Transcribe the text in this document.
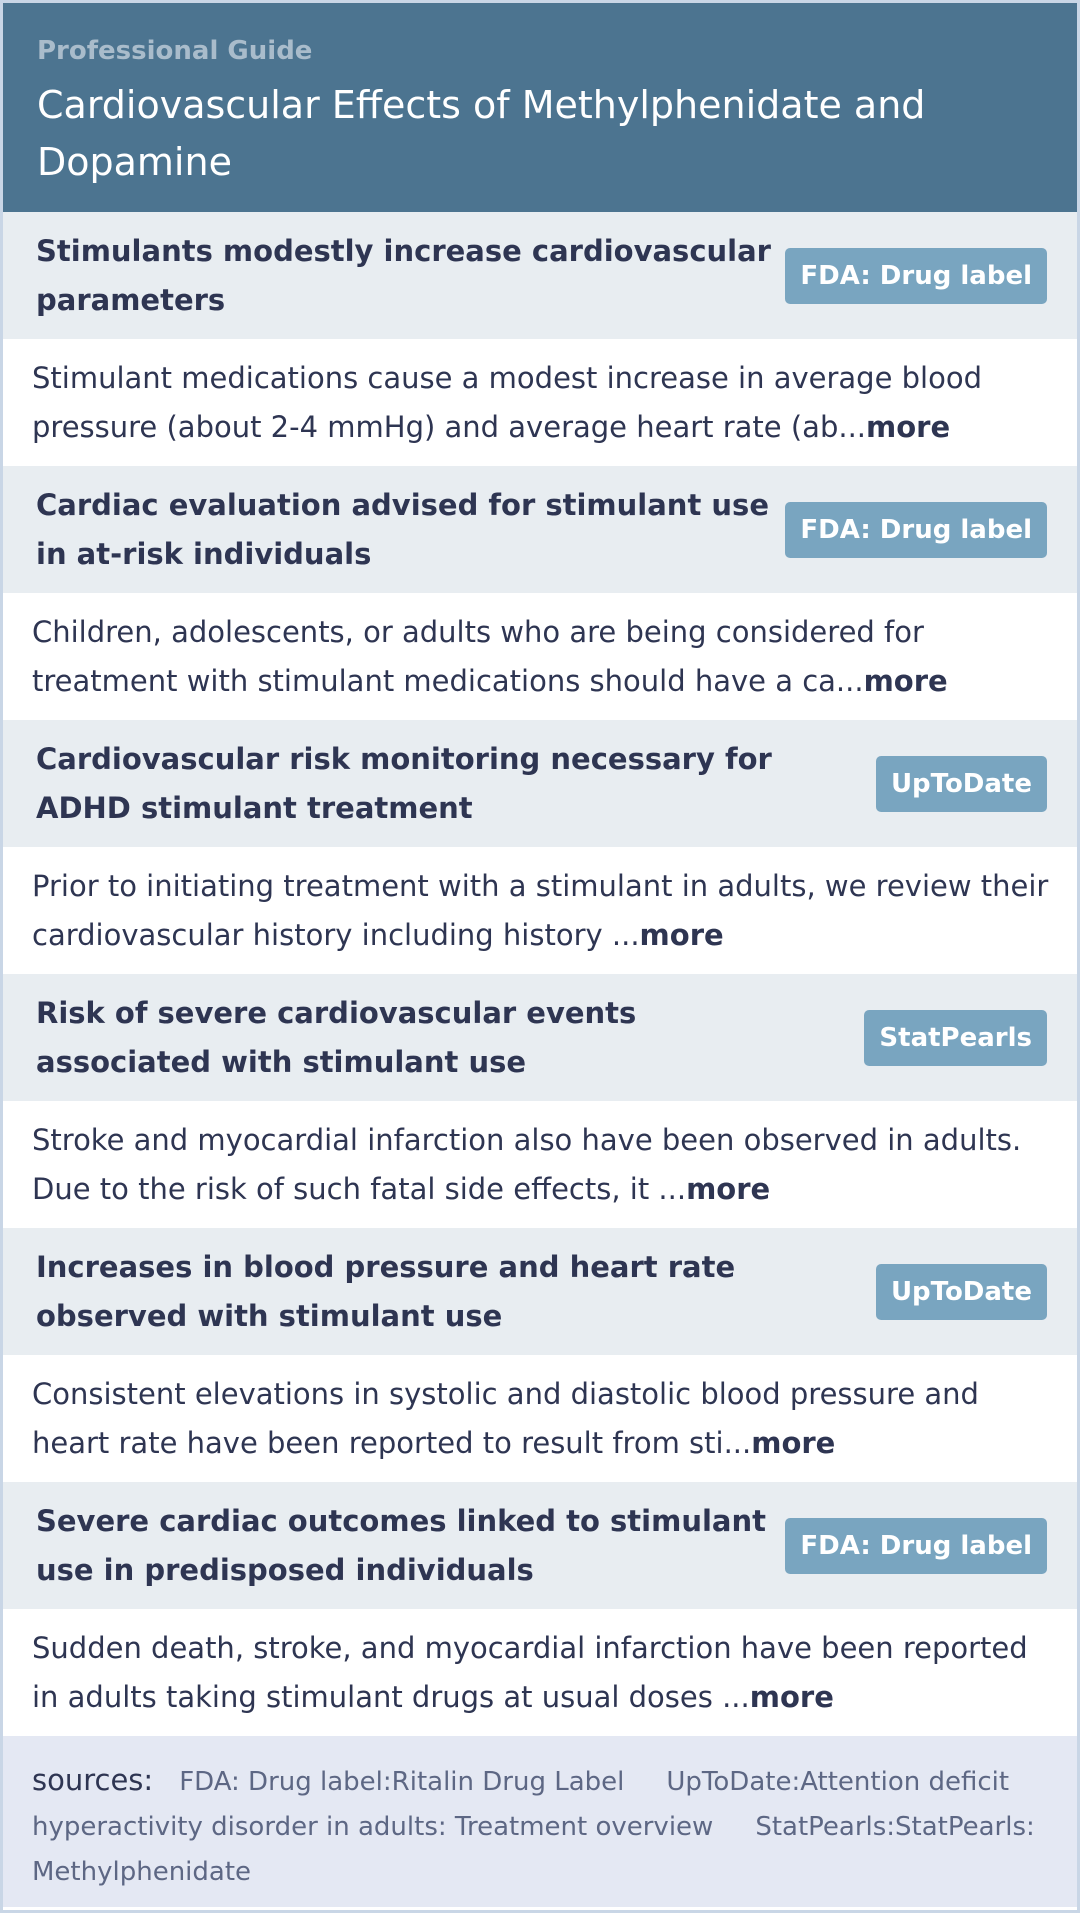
Professional Guide
Cardiovascular Effects of Methylphenidate and Dopamine
Stimulants modestly increase cardiovascular parameters
FDA: Drug label
Stimulant medications cause a modest increase in average blood pressure (about 2-4 mmHg) and average heart rate (ab...more
Cardiac evaluation advised for stimulant use in at-risk individuals
FDA: Drug label
Children, adolescents, or adults who are being considered for treatment with stimulant medications should have a ca...more
Cardiovascular risk monitoring necessary for ADHD stimulant treatment
UpToDate
Prior to initiating treatment with a stimulant in adults, we review their cardiovascular history including history ...more
Risk of severe cardiovascular events associated with stimulant use
StatPearls
Stroke and myocardial infarction also have been observed in adults. Due to the risk of such fatal side effects, it ...more
Increases in blood pressure and heart rate observed with stimulant use
UpToDate
Consistent elevations in systolic and diastolic blood pressure and heart rate have been reported to result from sti...more
Severe cardiac outcomes linked to stimulant use in predisposed individuals
FDA: Drug label
Sudden death, stroke, and myocardial infarction have been reported in adults taking stimulant drugs at usual doses ...more
sources: FDA: Drug label:Ritalin Drug Label UpToDate:Attention deficit hyperactivity disorder in adults: Treatment overview StatPearls:StatPearls: Methylphenidate
